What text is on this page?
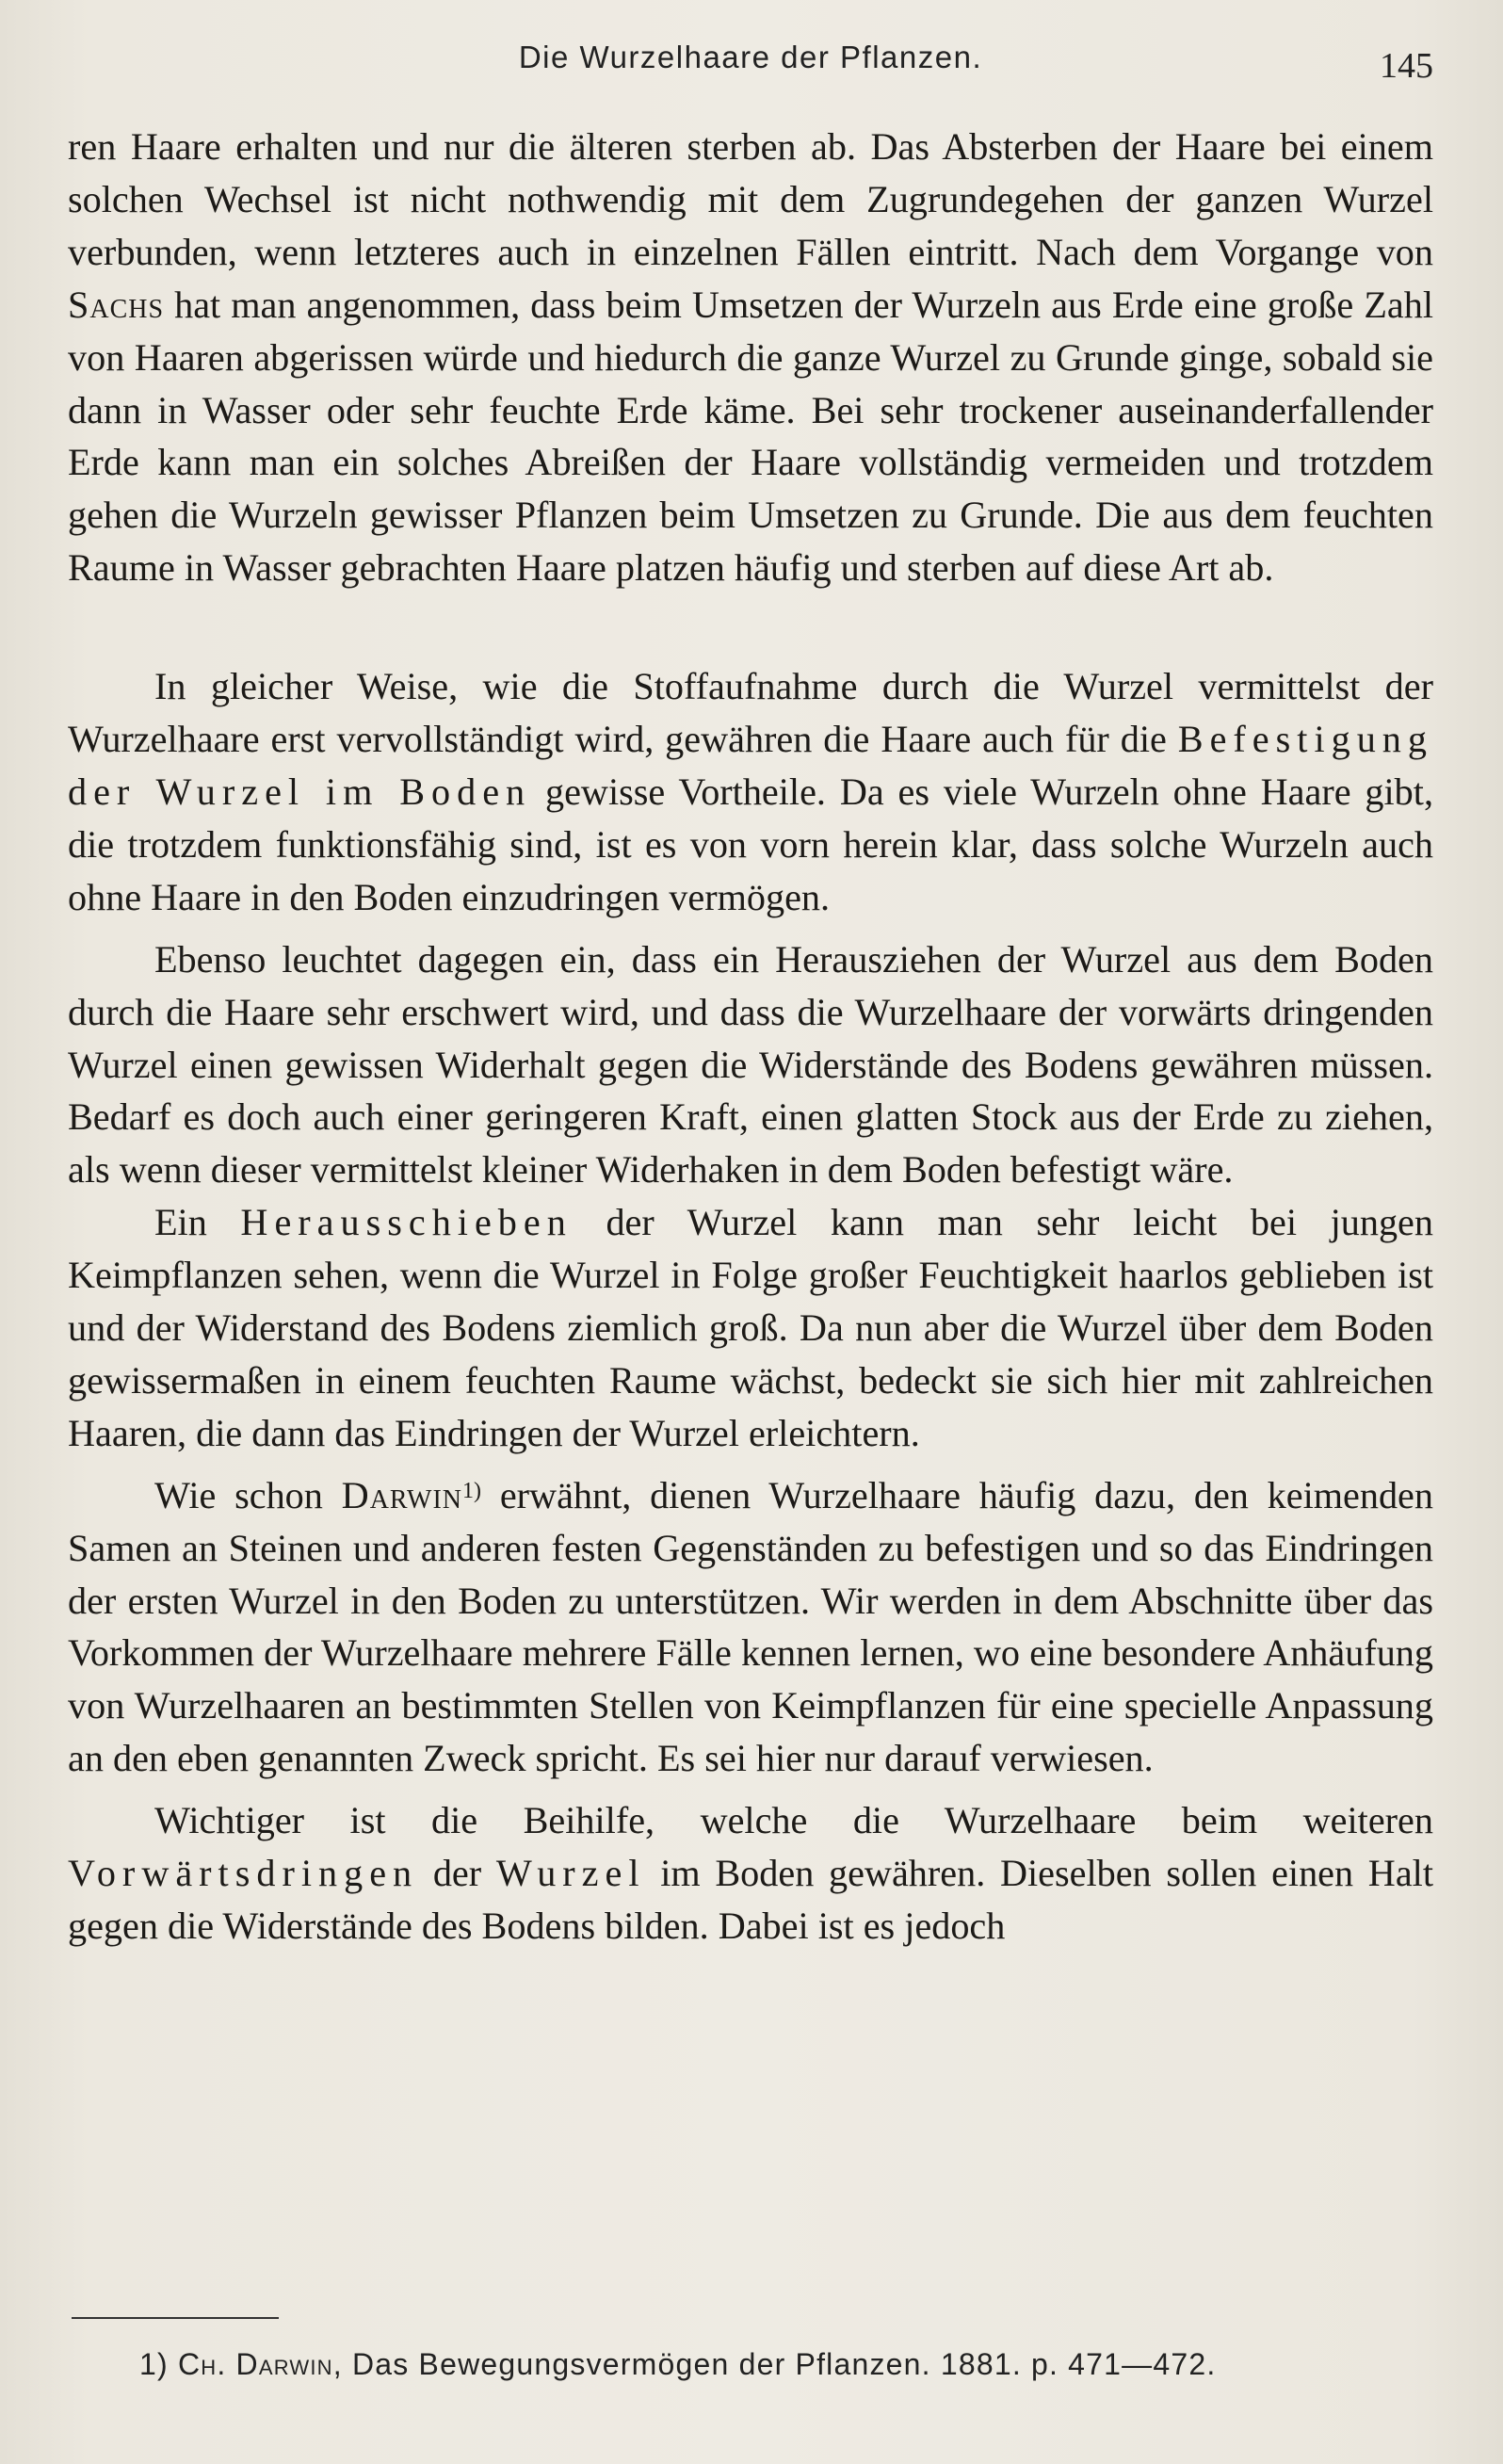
Die Wurzelhaare der Pflanzen.	145

ren Haare erhalten und nur die älteren sterben ab. Das Absterben der Haare bei einem solchen Wechsel ist nicht nothwendig mit dem Zugrundegehen der ganzen Wurzel verbunden, wenn letzteres auch in einzelnen Fällen eintritt. Nach dem Vorgange von Sachs hat man angenommen, dass beim Umsetzen der Wurzeln aus Erde eine große Zahl von Haaren abgerissen würde und hiedurch die ganze Wurzel zu Grunde ginge, sobald sie dann in Wasser oder sehr feuchte Erde käme. Bei sehr trockener auseinanderfallender Erde kann man ein solches Abreißen der Haare vollständig vermeiden und trotzdem gehen die Wurzeln gewisser Pflanzen beim Umsetzen zu Grunde. Die aus dem feuchten Raume in Wasser gebrachten Haare platzen häufig und sterben auf diese Art ab.

In gleicher Weise, wie die Stoffaufnahme durch die Wurzel vermittelst der Wurzelhaare erst vervollständigt wird, gewähren die Haare auch für die Befestigung der Wurzel im Boden gewisse Vortheile. Da es viele Wurzeln ohne Haare gibt, die trotzdem funktionsfähig sind, ist es von vorn herein klar, dass solche Wurzeln auch ohne Haare in den Boden einzudringen vermögen.

Ebenso leuchtet dagegen ein, dass ein Herausziehen der Wurzel aus dem Boden durch die Haare sehr erschwert wird, und dass die Wurzelhaare der vorwärts dringenden Wurzel einen gewissen Widerhalt gegen die Widerstände des Bodens gewähren müssen. Bedarf es doch auch einer geringeren Kraft, einen glatten Stock aus der Erde zu ziehen, als wenn dieser vermittelst kleiner Widerhaken in dem Boden befestigt wäre.

Ein Herausschieben der Wurzel kann man sehr leicht bei jungen Keimpflanzen sehen, wenn die Wurzel in Folge großer Feuchtigkeit haarlos geblieben ist und der Widerstand des Bodens ziemlich groß. Da nun aber die Wurzel über dem Boden gewissermaßen in einem feuchten Raume wächst, bedeckt sie sich hier mit zahlreichen Haaren, die dann das Eindringen der Wurzel erleichtern.

Wie schon Darwin$^{1)}$ erwähnt, dienen Wurzelhaare häufig dazu, den keimenden Samen an Steinen und anderen festen Gegenständen zu befestigen und so das Eindringen der ersten Wurzel in den Boden zu unterstützen. Wir werden in dem Abschnitte über das Vorkommen der Wurzelhaare mehrere Fälle kennen lernen, wo eine besondere Anhäufung von Wurzelhaaren an bestimmten Stellen von Keimpflanzen für eine specielle Anpassung an den eben genannten Zweck spricht. Es sei hier nur darauf verwiesen.

Wichtiger ist die Beihilfe, welche die Wurzelhaare beim weiteren Vorwärtsdringen der Wurzel im Boden gewähren. Dieselben sollen einen Halt gegen die Widerstände des Bodens bilden. Dabei ist es jedoch

1) Ch. Darwin, Das Bewegungsvermögen der Pflanzen. 1881. p. 471—472.
